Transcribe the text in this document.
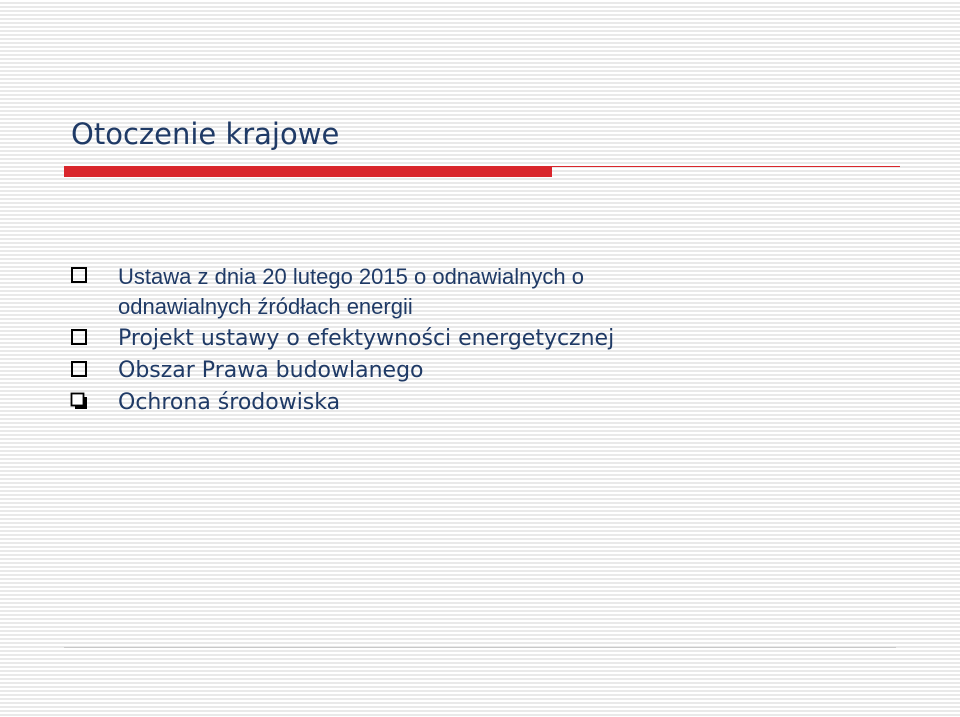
Otoczenie krajowe
Ustawa z dnia 20 lutego 2015 o odnawialnych o
odnawialnych źródłach energii
Projekt ustawy o efektywności energetycznej
Obszar Prawa budowlanego
Ochrona środowiska
